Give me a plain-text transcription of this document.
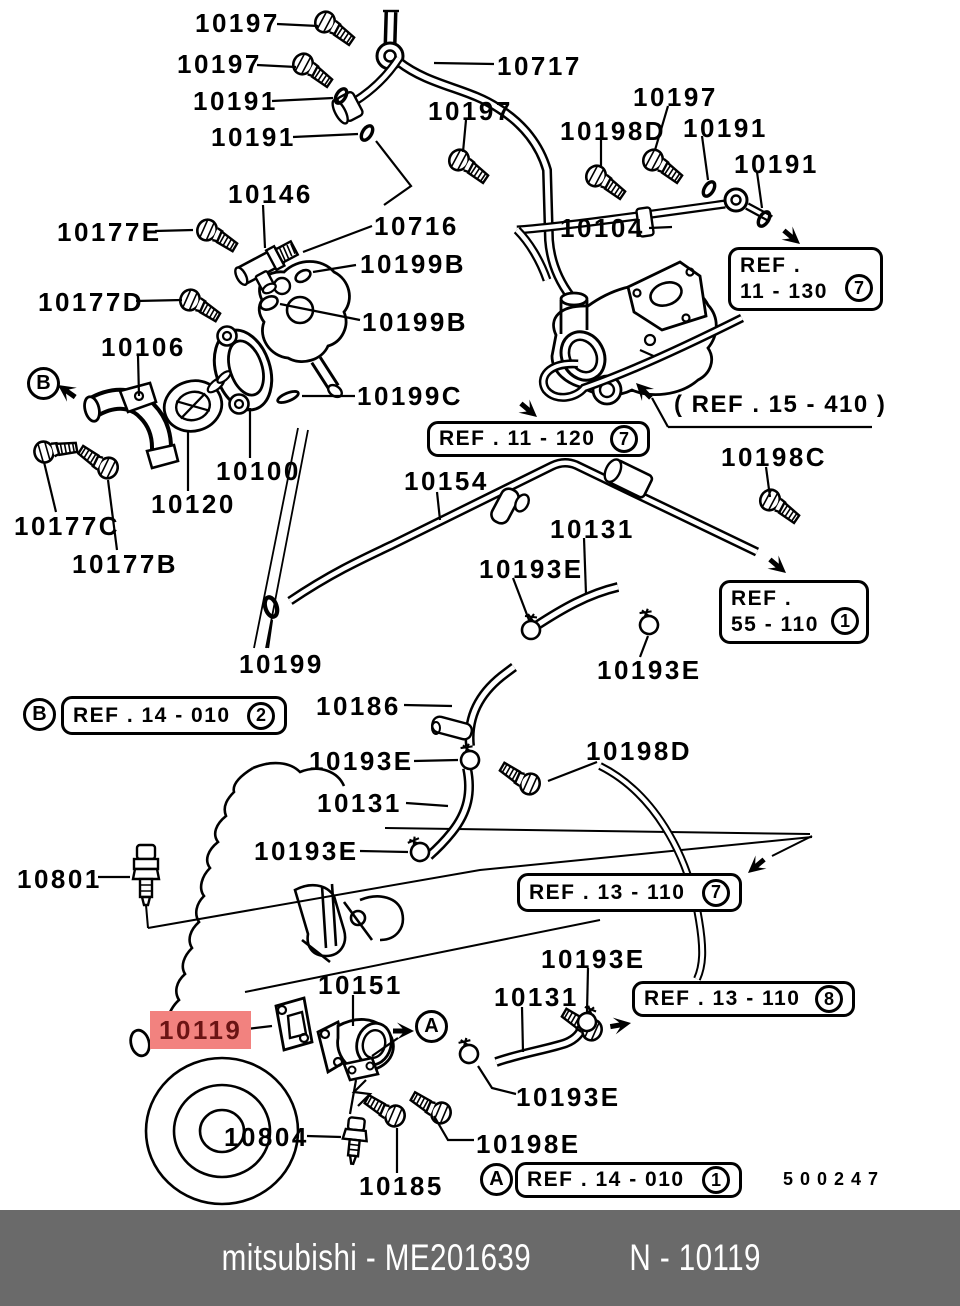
10197
10197
10191
10191
10717
10197	10197
10198D 10191
10191
10146
10177E	10716	10104
10199B
10177D
10199B
10106
10199C
10198C
10154
10100
10120
10131
10177C
10193E
10177B
10199	10193E
10186
10193E	10198D
10131
10193E
10801
10193E
10151	10131
10119
10193E
10804	10198E
10185
( REF . 15 - 410 )
500247
REF .
11 - 130	7
REF . 11 - 120	7
REF .
55 - 110	1
REF . 14 - 010	2
B
REF . 13 - 110	7
REF . 13 - 110	8
REF . 14 - 010	1
A
B
A
mitsubishi - ME201639
	N - 10119
